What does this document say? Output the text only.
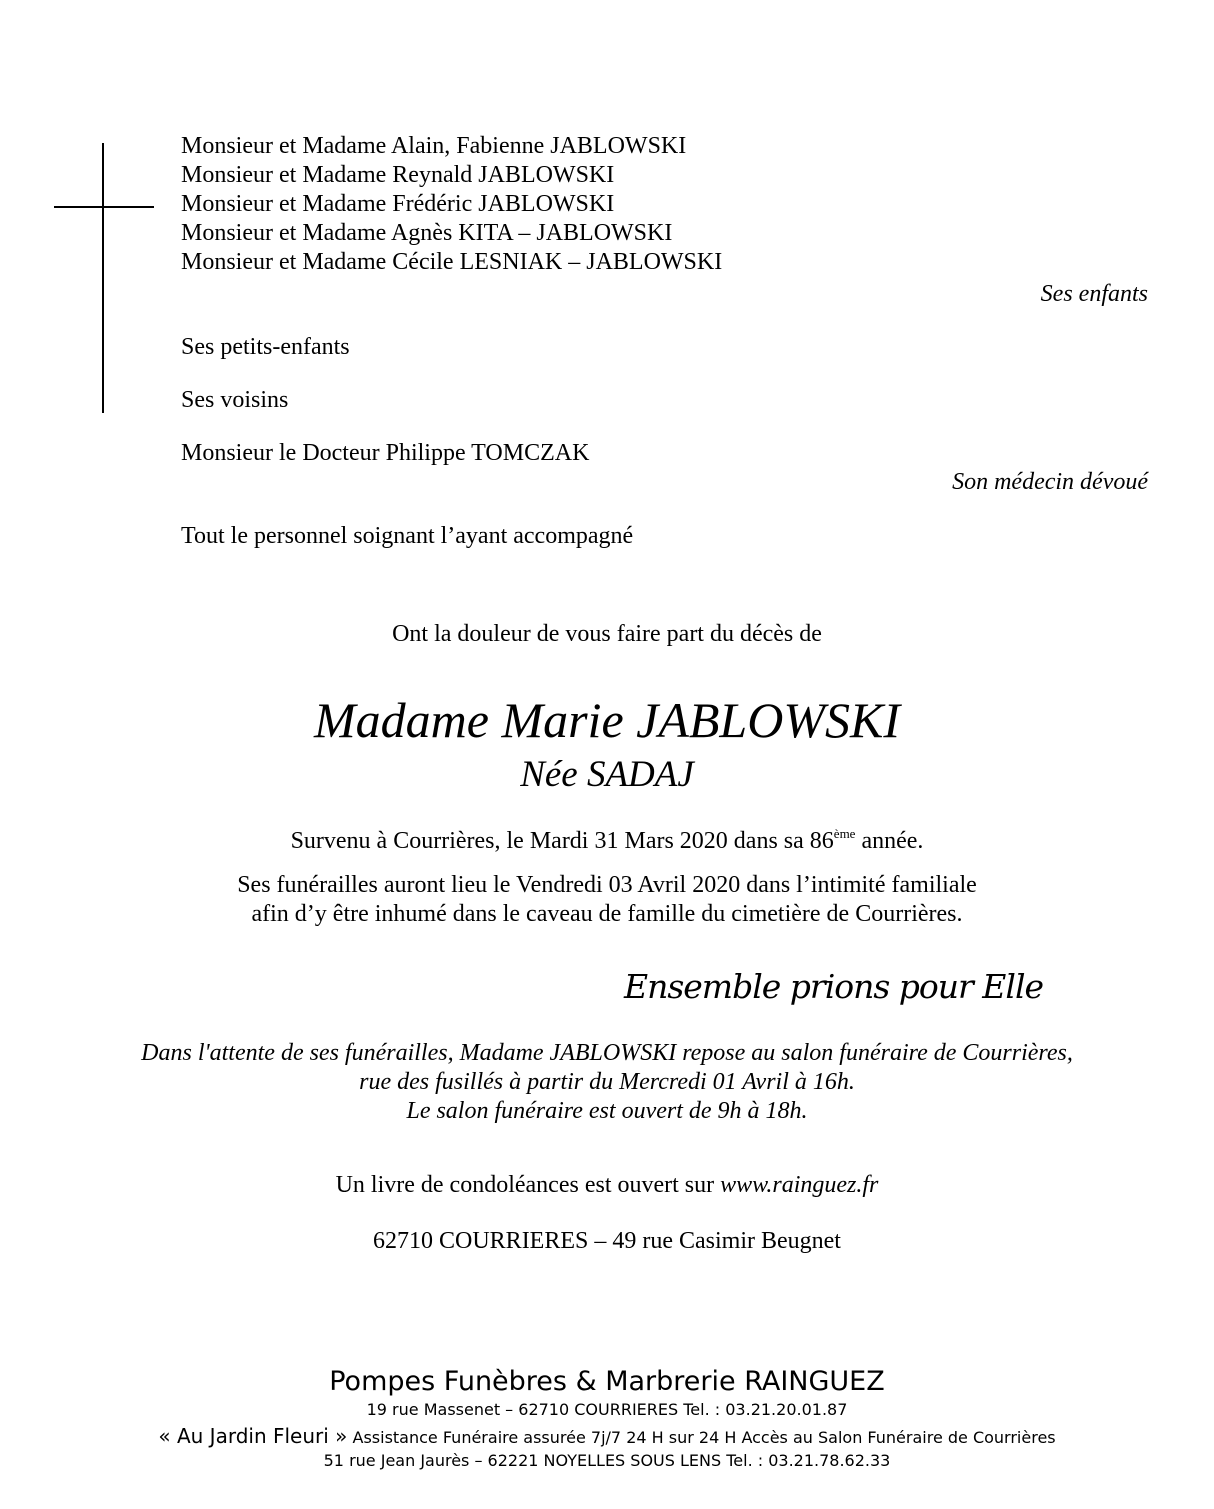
Monsieur et Madame Alain, Fabienne JABLOWSKI
Monsieur et Madame Reynald JABLOWSKI
Monsieur et Madame Frédéric JABLOWSKI
Monsieur et Madame Agnès KITA – JABLOWSKI
Monsieur et Madame Cécile LESNIAK – JABLOWSKI
Ses enfants
Ses petits-enfants
Ses voisins
Monsieur le Docteur Philippe TOMCZAK
Son médecin dévoué
Tout le personnel soignant l’ayant accompagné
Ont la douleur de vous faire part du décès de
Madame Marie JABLOWSKI
Née SADAJ
Survenu à Courrières, le Mardi 31 Mars 2020 dans sa 86ème année.
Ses funérailles auront lieu le Vendredi 03 Avril 2020 dans l’intimité familiale
afin d’y être inhumé dans le caveau de famille du cimetière de Courrières.
Ensemble prions pour Elle
Dans l'attente de ses funérailles, Madame JABLOWSKI repose au salon funéraire de Courrières,
rue des fusillés à partir du Mercredi 01 Avril à 16h.
Le salon funéraire est ouvert de 9h à 18h.
Un livre de condoléances est ouvert sur www.rainguez.fr
62710 COURRIERES – 49 rue Casimir Beugnet
Pompes Funèbres & Marbrerie RAINGUEZ
19 rue Massenet – 62710 COURRIERES Tel. : 03.21.20.01.87
« Au Jardin Fleuri » Assistance Funéraire assurée 7j/7 24 H sur 24 H Accès au Salon Funéraire de Courrières
51 rue Jean Jaurès – 62221 NOYELLES SOUS LENS Tel. : 03.21.78.62.33
